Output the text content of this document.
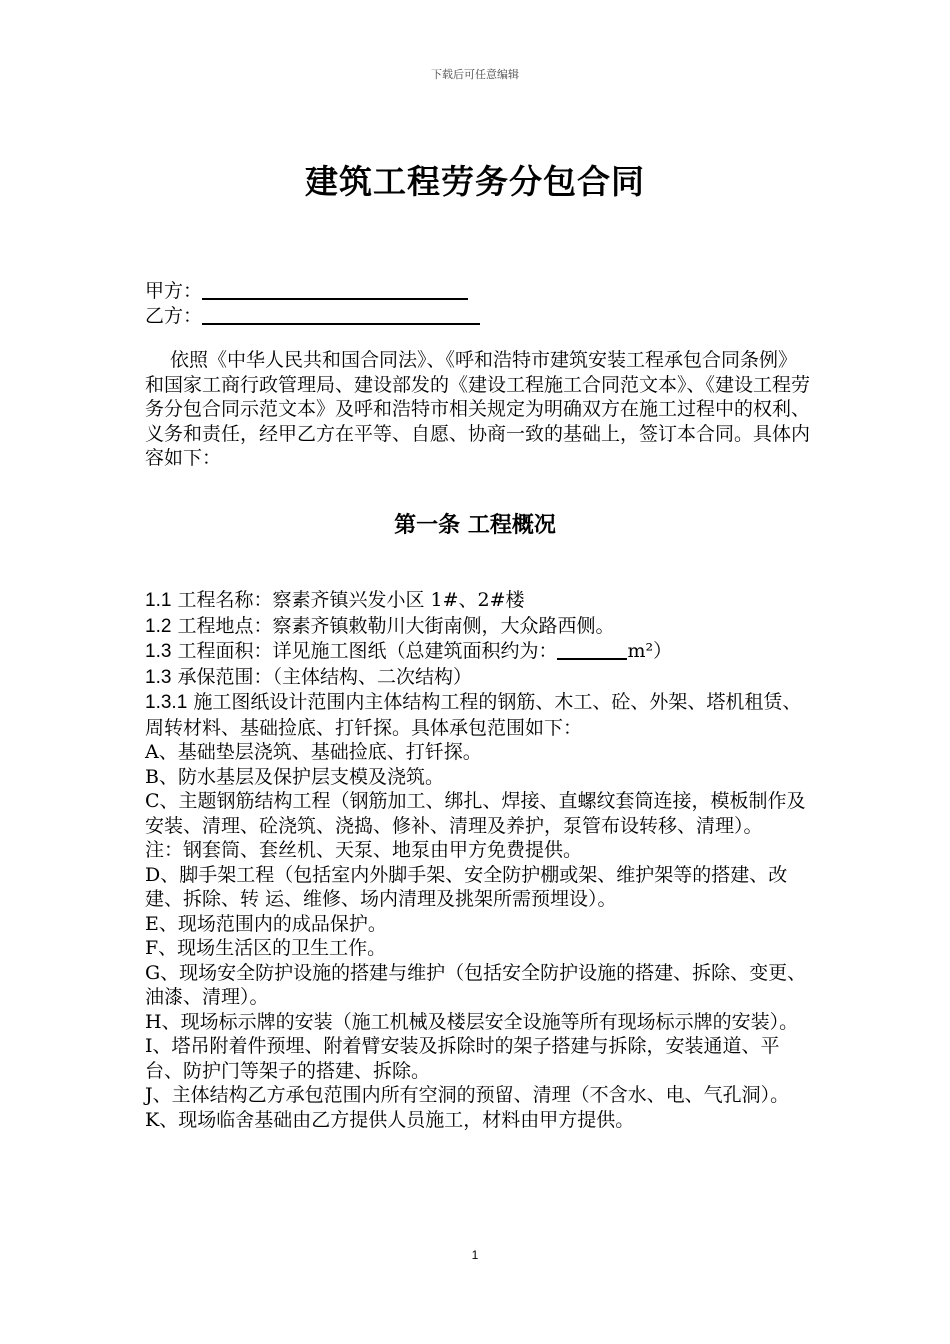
下载后可任意编辑
建筑工程劳务分包合同
甲方：
乙方：
依照《中华人民共和国合同法》、《呼和浩特市建筑安装工程承包合同条例》和国家工商行政管理局、建设部发的《建设工程施工合同范文本》、《建设工程劳务分包合同示范文本》及呼和浩特市相关规定为明确双方在施工过程中的权利、义务和责任，经甲乙方在平等、自愿、协商一致的基础上，签订本合同。具体内容如下：
第一条 工程概况

1.1 工程名称：察素齐镇兴发小区 1#、2#楼

1.2 工程地点：察素齐镇敕勒川大街南侧，大众路西侧。

1.3 工程面积：详见施工图纸（总建筑面积约为：	m²）

1.3 承保范围：（主体结构、二次结构）

1.3.1 施工图纸设计范围内主体结构工程的钢筋、木工、砼、外架、塔机租赁、周转材料、基础捡底、打钎探。具体承包范围如下：

A、基础垫层浇筑、基础捡底、打钎探。

B、防水基层及保护层支模及浇筑。

C、主题钢筋结构工程（钢筋加工、绑扎、焊接、直螺纹套筒连接，模板制作及安装、清理、砼浇筑、浇捣、修补、清理及养护，泵管布设转移、清理）。

注：钢套筒、套丝机、天泵、地泵由甲方免费提供。

D、脚手架工程（包括室内外脚手架、安全防护棚或架、维护架等的搭建、改建、拆除、转 运、维修、场内清理及挑架所需预埋设）。

E、现场范围内的成品保护。

F、现场生活区的卫生工作。

G、现场安全防护设施的搭建与维护（包括安全防护设施的搭建、拆除、变更、油漆、清理）。

H、现场标示牌的安装（施工机械及楼层安全设施等所有现场标示牌的安装）。

I、塔吊附着件预埋、附着臂安装及拆除时的架子搭建与拆除，安装通道、平台、防护门等架子的搭建、拆除。

J、主体结构乙方承包范围内所有空洞的预留、清理（不含水、电、气孔洞）。

K、现场临舍基础由乙方提供人员施工，材料由甲方提供。

1
